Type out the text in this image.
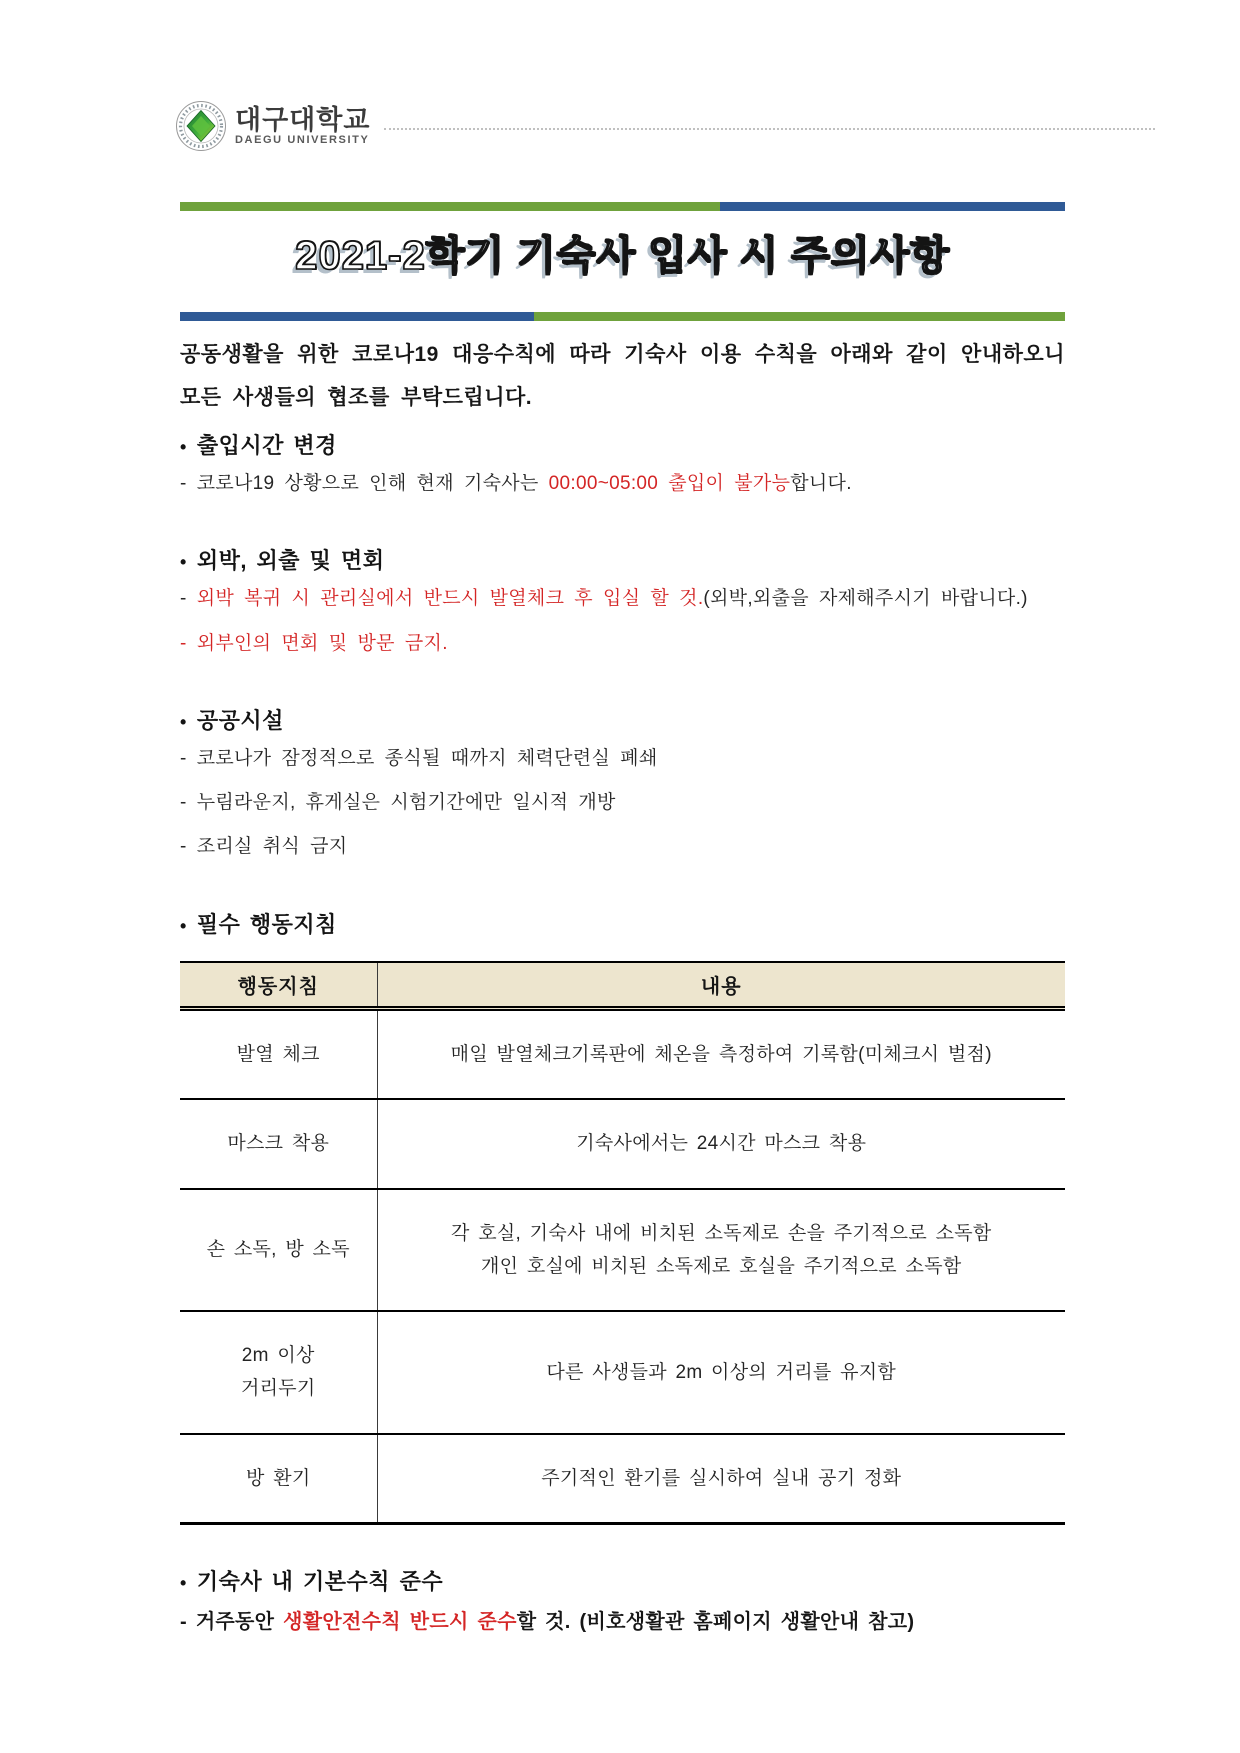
대구대학교
DAEGU UNIVERSITY
2021-2학기 기숙사 입사 시 주의사항
공동생활을 위한 코로나19 대응수칙에 따라 기숙사 이용 수칙을 아래와 같이 안내하오니 모든 사생들의 협조를 부탁드립니다.
• 출입시간 변경
- 코로나19 상황으로 인해 현재 기숙사는 00:00~05:00 출입이 불가능합니다.
• 외박, 외출 및 면회
- 외박 복귀 시 관리실에서 반드시 발열체크 후 입실 할 것.(외박,외출을 자제해주시기 바랍니다.)
- 외부인의 면회 및 방문 금지.
• 공공시설
- 코로나가 잠정적으로 종식될 때까지 체력단련실 폐쇄
- 누림라운지, 휴게실은 시험기간에만 일시적 개방
- 조리실 취식 금지
• 필수 행동지침
행동지침	내용

발열 체크	매일 발열체크기록판에 체온을 측정하여 기록함(미체크시 벌점)

마스크 착용	기숙사에서는 24시간 마스크 착용

손 소독, 방 소독	각 호실, 기숙사 내에 비치된 소독제로 손을 주기적으로 소독함
개인 호실에 비치된 소독제로 호실을 주기적으로 소독함

2m 이상
거리두기	다른 사생들과 2m 이상의 거리를 유지함

방 환기	주기적인 환기를 실시하여 실내 공기 정화
• 기숙사 내 기본수칙 준수
- 거주동안 생활안전수칙 반드시 준수할 것. (비호생활관 홈페이지 생활안내 참고)
